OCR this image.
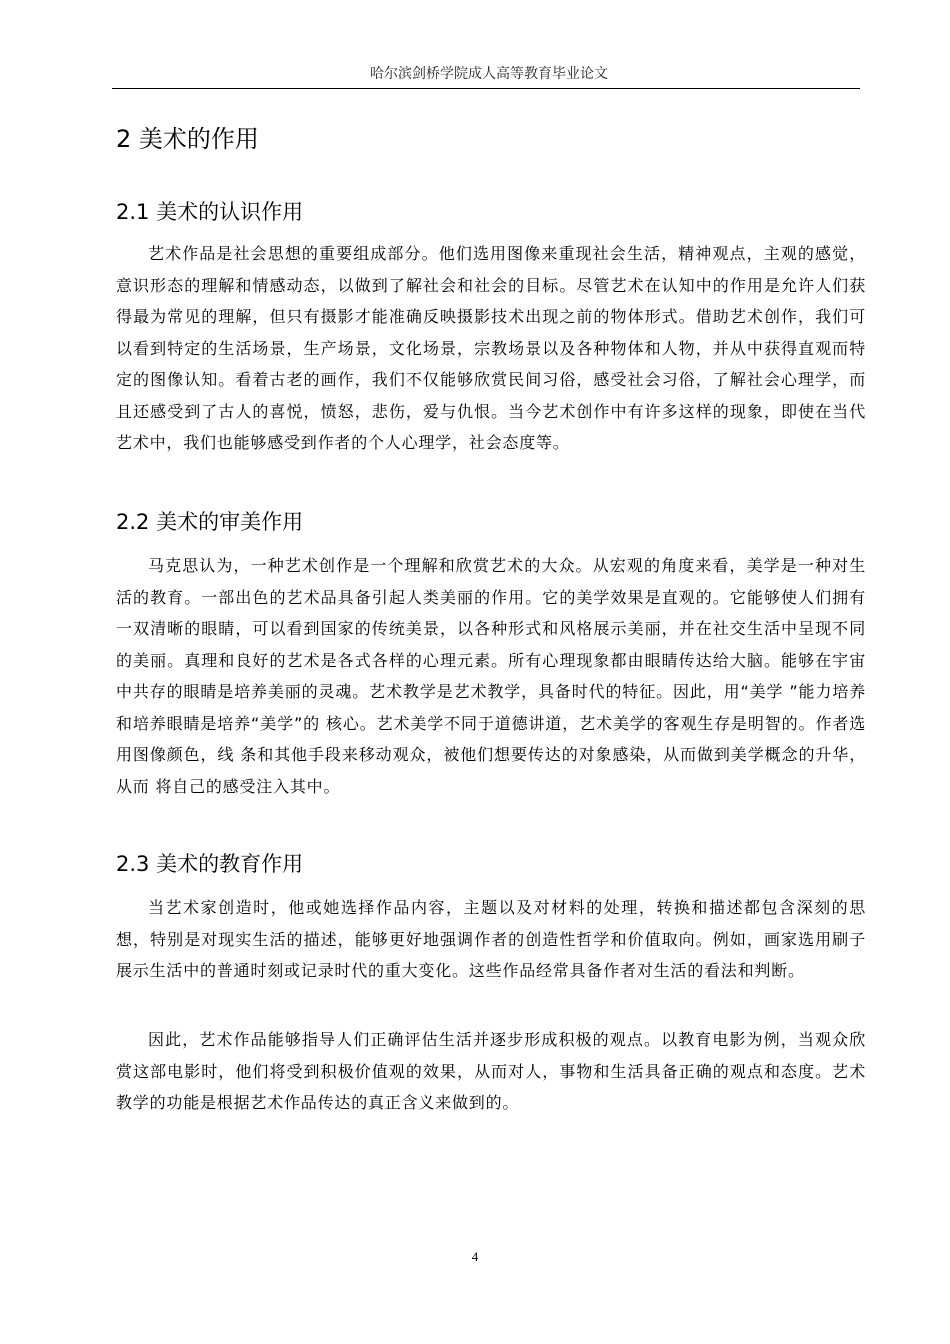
哈尔滨剑桥学院成人高等教育毕业论文
2 美术的作用
2.1 美术的认识作用

艺术作品是社会思想的重要组成部分。他们选用图像来重现社会生活，精神观点，主观的感觉，意识形态的理解和情感动态，以做到了解社会和社会的目标。尽管艺术在认知中的作用是允许人们获得最为常见的理解，但只有摄影才能准确反映摄影技术出现之前的物体形式。借助艺术创作，我们可以看到特定的生活场景，生产场景，文化场景，宗教场景以及各种物体和人物，并从中获得直观而特定的图像认知。看着古老的画作，我们不仅能够欣赏民间习俗，感受社会习俗，了解社会心理学，而且还感受到了古人的喜悦，愤怒，悲伤，爱与仇恨。当今艺术创作中有许多这样的现象，即使在当代艺术中，我们也能够感受到作者的个人心理学，社会态度等。

2.2 美术的审美作用

马克思认为，一种艺术创作是一个理解和欣赏艺术的大众。从宏观的角度来看，美学是一种对生活的教育。一部出色的艺术品具备引起人类美丽的作用。它的美学效果是直观的。它能够使人们拥有一双清晰的眼睛，可以看到国家的传统美景，以各种形式和风格展示美丽，并在社交生活中呈现不同的美丽。真理和良好的艺术是各式各样的心理元素。所有心理现象都由眼睛传达给大脑。能够在宇宙中共存的眼睛是培养美丽的灵魂。艺术教学是艺术教学，具备时代的特征。因此，用“美学 ”能力培养和培养眼睛是培养“美学”的 核心。艺术美学不同于道德讲道，艺术美学的客观生存是明智的。作者选用图像颜色，线 条和其他手段来移动观众，被他们想要传达的对象感染，从而做到美学概念的升华，从而 将自己的感受注入其中。

2.3 美术的教育作用

当艺术家创造时，他或她选择作品内容，主题以及对材料的处理，转换和描述都包含深刻的思想，特别是对现实生活的描述，能够更好地强调作者的创造性哲学和价值取向。例如，画家选用刷子展示生活中的普通时刻或记录时代的重大变化。这些作品经常具备作者对生活的看法和判断。

因此，艺术作品能够指导人们正确评估生活并逐步形成积极的观点。以教育电影为例，当观众欣赏这部电影时，他们将受到积极价值观的效果，从而对人，事物和生活具备正确的观点和态度。艺术教学的功能是根据艺术作品传达的真正含义来做到的。

4
